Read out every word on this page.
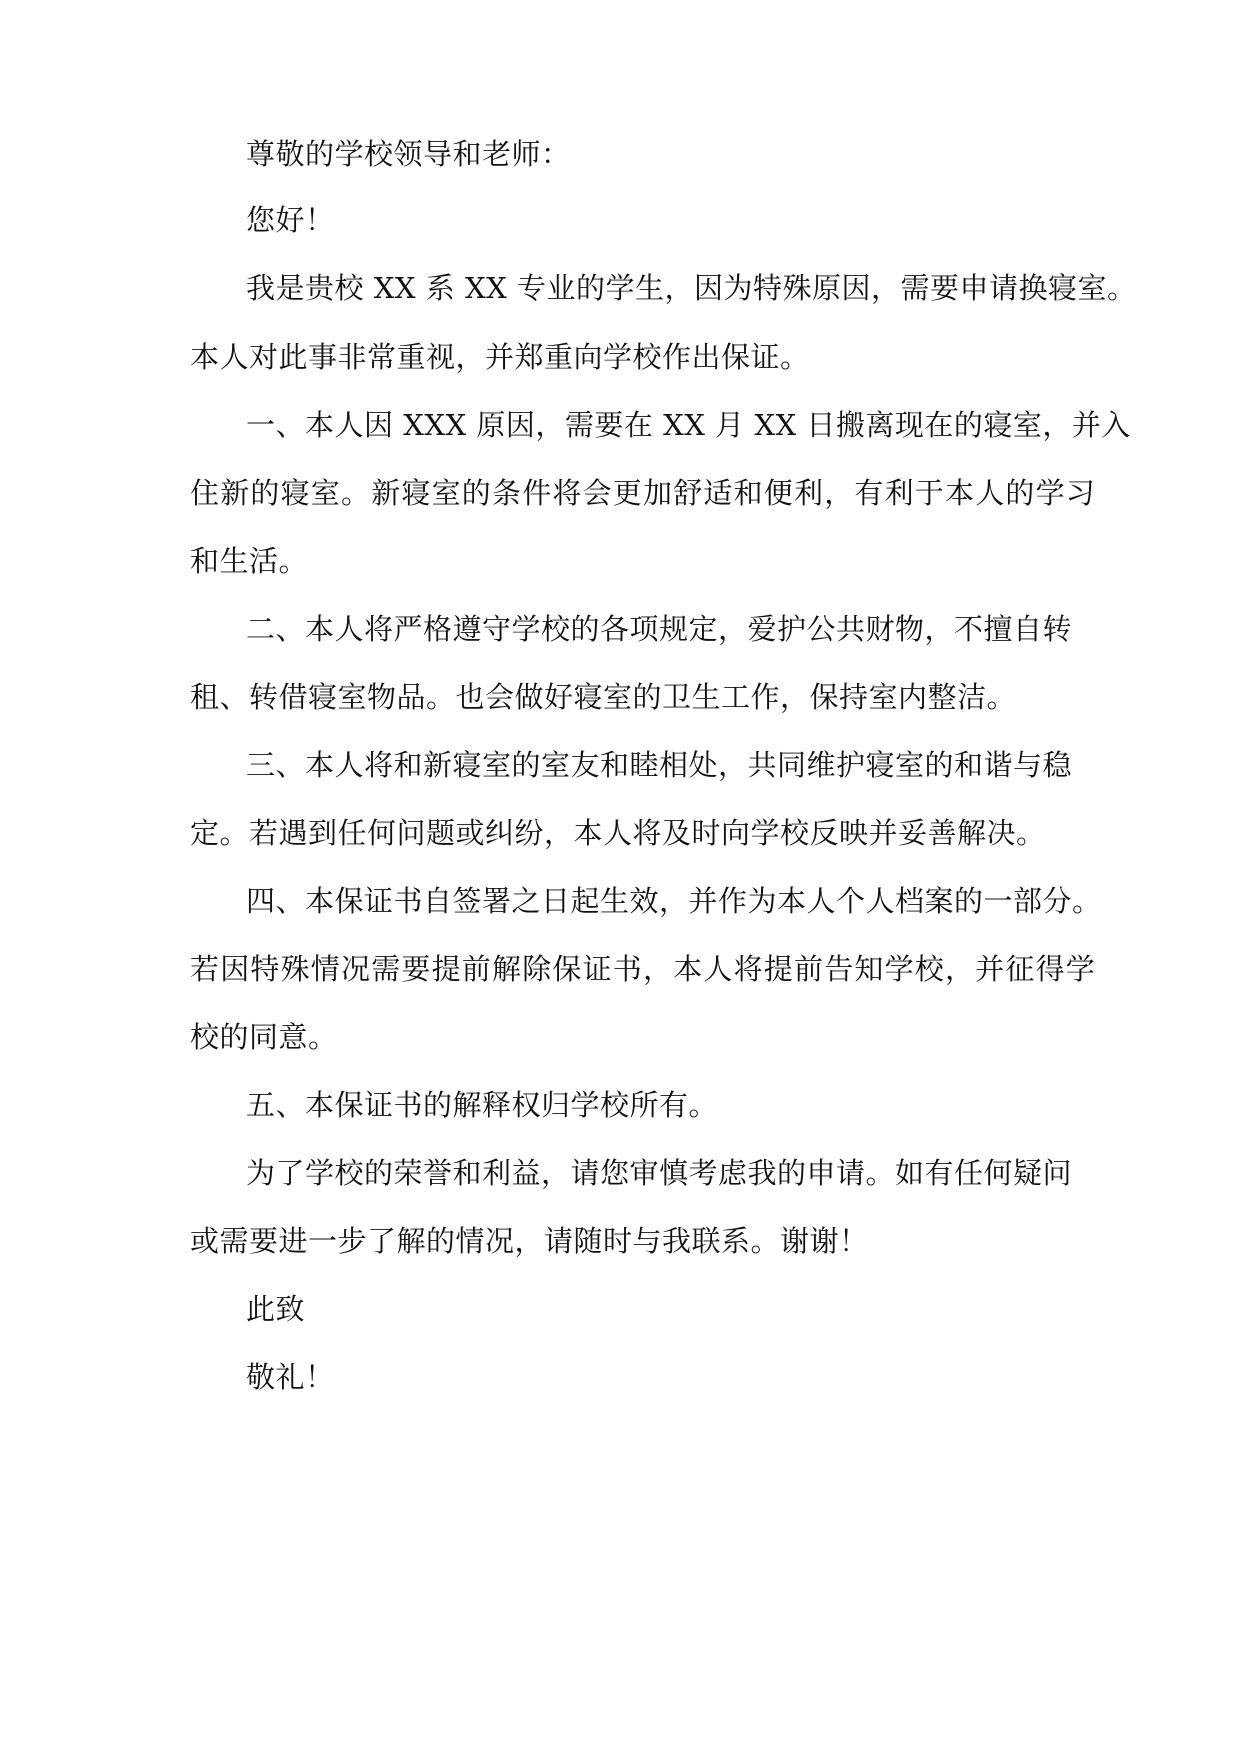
尊敬的学校领导和老师：

您好！

我是贵校 XX 系 XX 专业的学生，因为特殊原因，需要申请换寝室。

本人对此事非常重视，并郑重向学校作出保证。

一、本人因 XXX 原因，需要在 XX 月 XX 日搬离现在的寝室，并入

住新的寝室。新寝室的条件将会更加舒适和便利，有利于本人的学习

和生活。

二、本人将严格遵守学校的各项规定，爱护公共财物，不擅自转

租、转借寝室物品。也会做好寝室的卫生工作，保持室内整洁。

三、本人将和新寝室的室友和睦相处，共同维护寝室的和谐与稳

定。若遇到任何问题或纠纷，本人将及时向学校反映并妥善解决。

四、本保证书自签署之日起生效，并作为本人个人档案的一部分。

若因特殊情况需要提前解除保证书，本人将提前告知学校，并征得学

校的同意。

五、本保证书的解释权归学校所有。

为了学校的荣誉和利益，请您审慎考虑我的申请。如有任何疑问

或需要进一步了解的情况，请随时与我联系。谢谢！

此致

敬礼！
